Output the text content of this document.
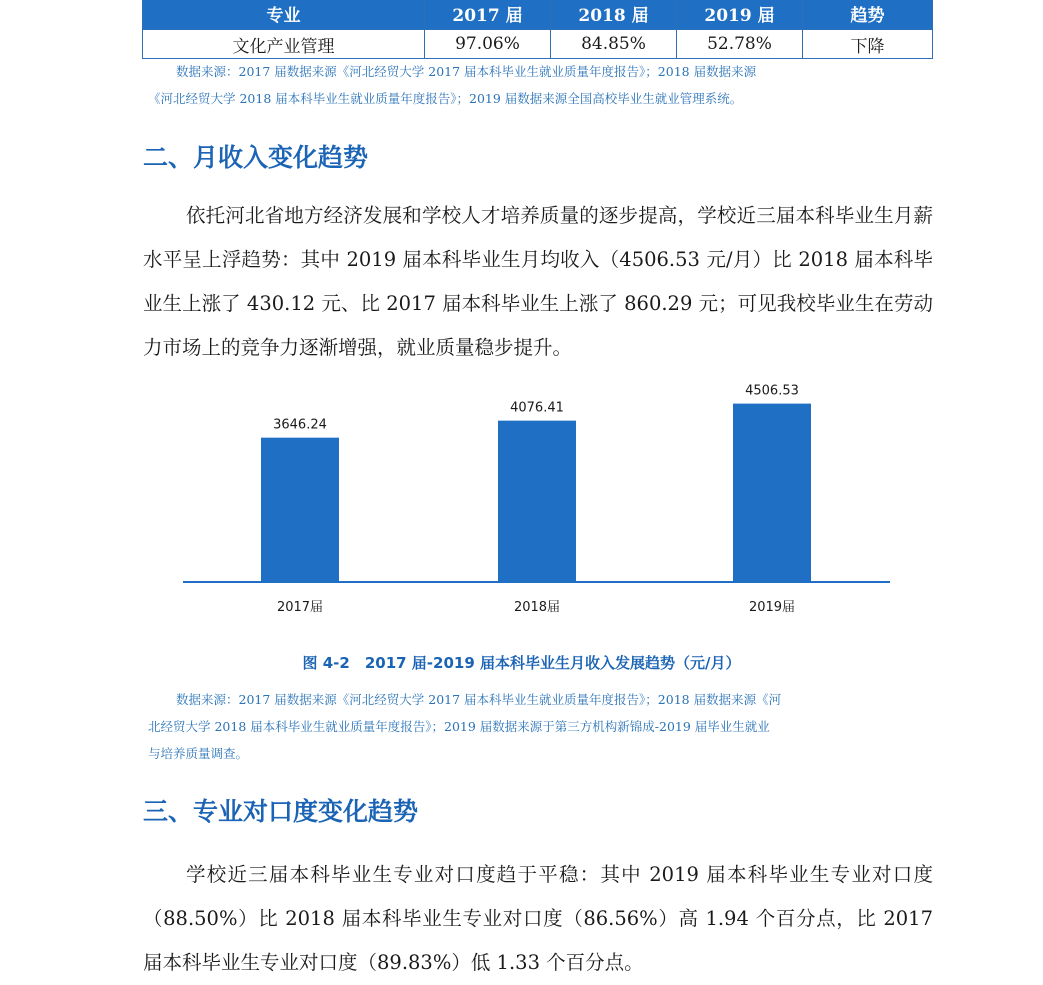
专业	2017 届	2018 届	2019 届	趋势
文化产业管理	97.06%	84.85%	52.78%	下降
数据来源：2017 届数据来源《河北经贸大学 2017 届本科毕业生就业质量年度报告》；2018 届数据来源
《河北经贸大学 2018 届本科毕业生就业质量年度报告》；2019 届数据来源全国高校毕业生就业管理系统。
二、月收入变化趋势
依托河北省地方经济发展和学校人才培养质量的逐步提高，学校近三届本科毕业生月薪水平呈上浮趋势：其中 2019 届本科毕业生月均收入（4506.53 元/月）比 2018 届本科毕业生上涨了 430.12 元、比 2017 届本科毕业生上涨了 860.29 元；可见我校毕业生在劳动力市场上的竞争力逐渐增强，就业质量稳步提升。
3646.24
2017届
4076.41
2018届
4506.53
2019届
图 4-2　2017 届-2019 届本科毕业生月收入发展趋势（元/月）
数据来源：2017 届数据来源《河北经贸大学 2017 届本科毕业生就业质量年度报告》；2018 届数据来源《河
北经贸大学 2018 届本科毕业生就业质量年度报告》；2019 届数据来源于第三方机构新锦成-2019 届毕业生就业
与培养质量调查。
三、专业对口度变化趋势
学校近三届本科毕业生专业对口度趋于平稳：其中 2019 届本科毕业生专业对口度（88.50%）比 2018 届本科毕业生专业对口度（86.56%）高 1.94 个百分点，比 2017 届本科毕业生专业对口度（89.83%）低 1.33 个百分点。
